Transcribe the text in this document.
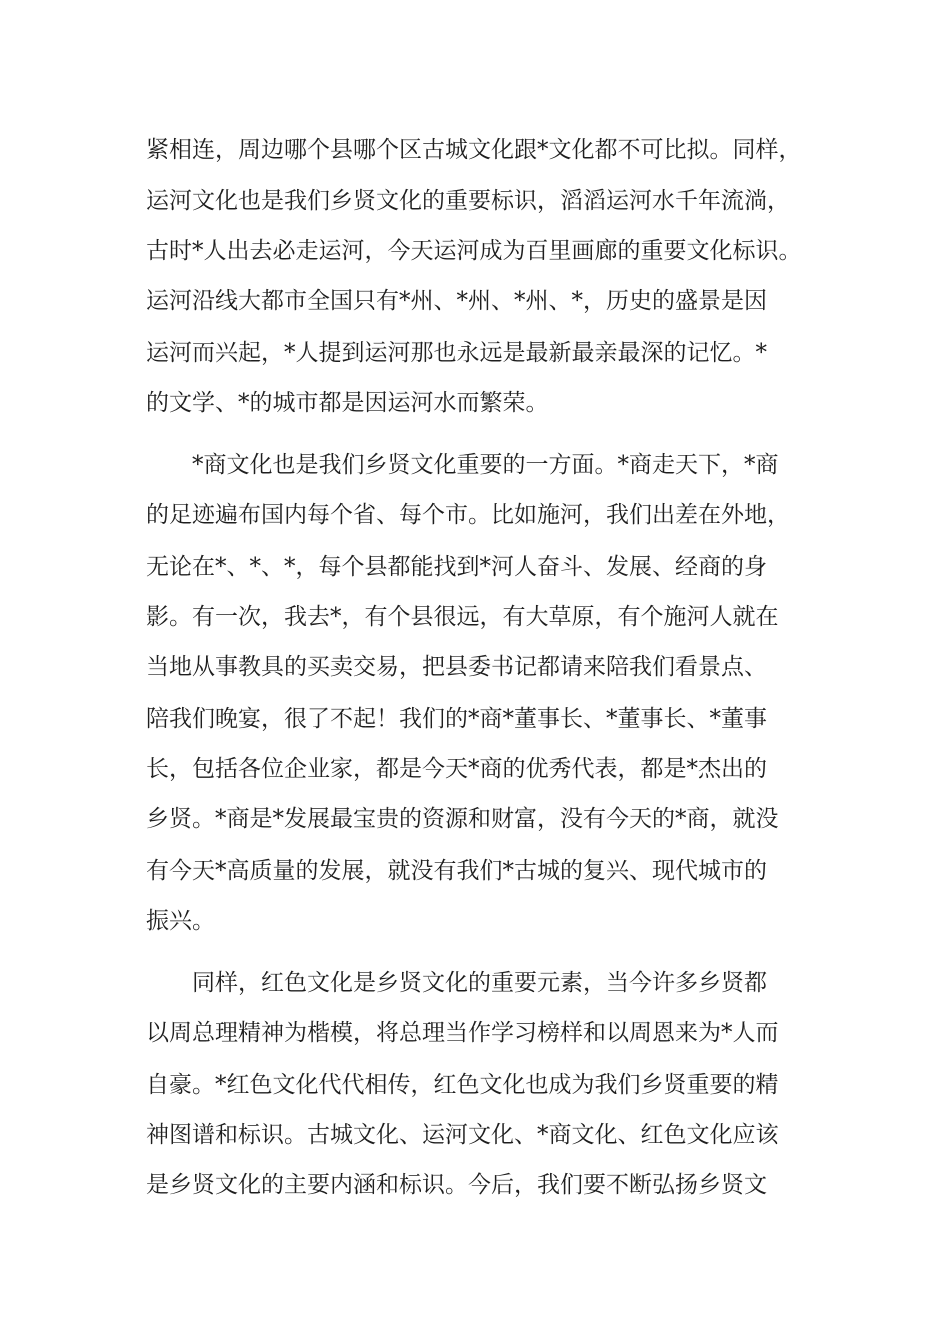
紧相连，周边哪个县哪个区古城文化跟*文化都不可比拟。同样，

运河文化也是我们乡贤文化的重要标识，滔滔运河水千年流淌，

古时*人出去必走运河，今天运河成为百里画廊的重要文化标识。

运河沿线大都市全国只有*州、*州、*州、*，历史的盛景是因

运河而兴起，*人提到运河那也永远是最新最亲最深的记忆。*

的文学、*的城市都是因运河水而繁荣。

*商文化也是我们乡贤文化重要的一方面。*商走天下，*商

的足迹遍布国内每个省、每个市。比如施河，我们出差在外地，

无论在*、*、*，每个县都能找到*河人奋斗、发展、经商的身

影。有一次，我去*，有个县很远，有大草原，有个施河人就在

当地从事教具的买卖交易，把县委书记都请来陪我们看景点、

陪我们晚宴，很了不起！我们的*商*董事长、*董事长、*董事

长，包括各位企业家，都是今天*商的优秀代表，都是*杰出的

乡贤。*商是*发展最宝贵的资源和财富，没有今天的*商，就没

有今天*高质量的发展，就没有我们*古城的复兴、现代城市的

振兴。

同样，红色文化是乡贤文化的重要元素，当今许多乡贤都

以周总理精神为楷模，将总理当作学习榜样和以周恩来为*人而

自豪。*红色文化代代相传，红色文化也成为我们乡贤重要的精

神图谱和标识。古城文化、运河文化、*商文化、红色文化应该

是乡贤文化的主要内涵和标识。今后，我们要不断弘扬乡贤文
